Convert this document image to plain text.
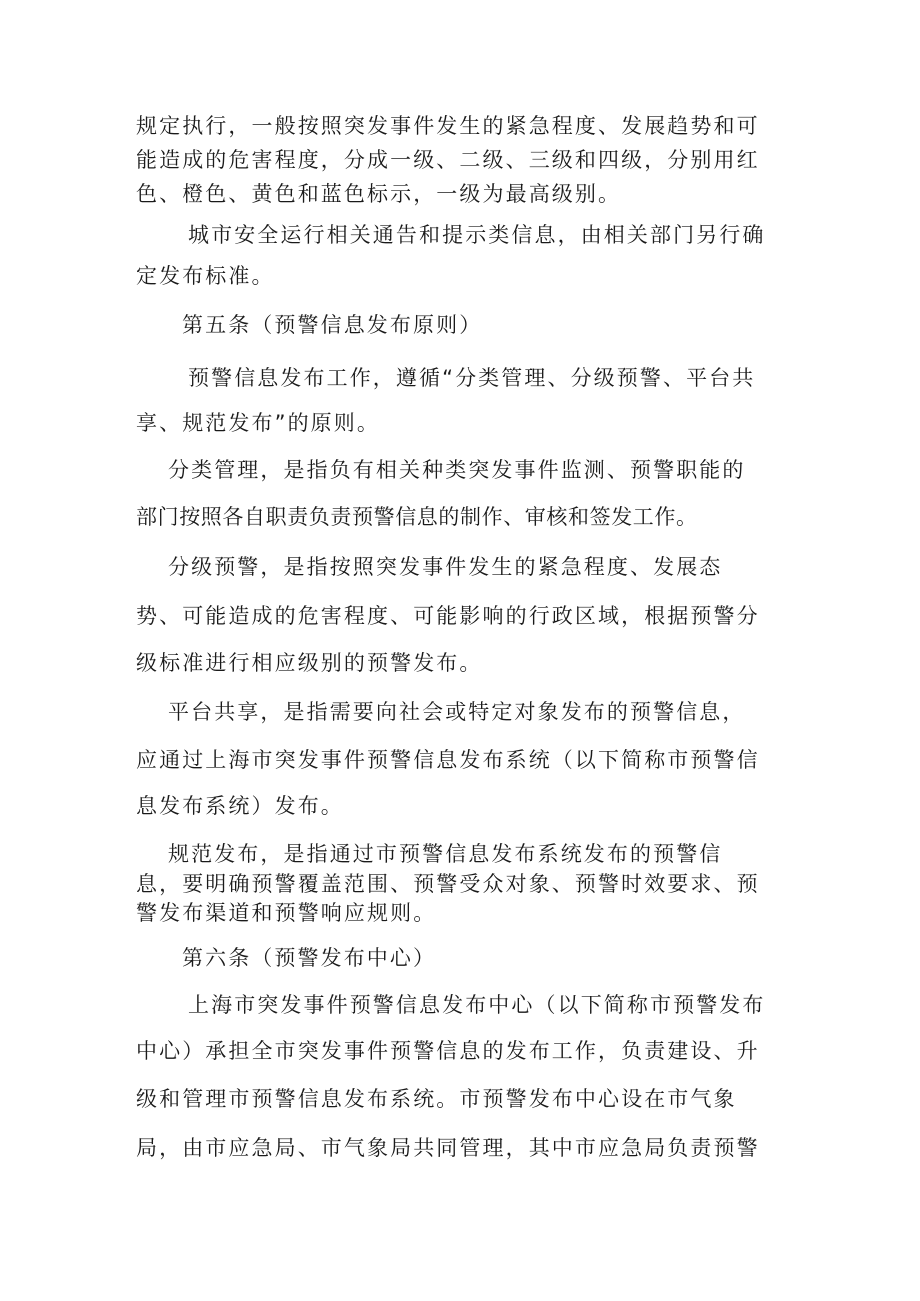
规定执行，一般按照突发事件发生的紧急程度、发展趋势和可

能造成的危害程度，分成一级、二级、三级和四级，分别用红

色、橙色、黄色和蓝色标示，一级为最高级别。

城市安全运行相关通告和提示类信息，由相关部门另行确

定发布标准。

第五条（预警信息发布原则）

预警信息发布工作，遵循“分类管理、分级预警、平台共

享、规范发布”的原则。

分类管理，是指负有相关种类突发事件监测、预警职能的

部门按照各自职责负责预警信息的制作、审核和签发工作。

分级预警，是指按照突发事件发生的紧急程度、发展态

势、可能造成的危害程度、可能影响的行政区域，根据预警分

级标准进行相应级别的预警发布。

平台共享，是指需要向社会或特定对象发布的预警信息，

应通过上海市突发事件预警信息发布系统（以下简称市预警信

息发布系统）发布。

规范发布，是指通过市预警信息发布系统发布的预警信

息，要明确预警覆盖范围、预警受众对象、预警时效要求、预

警发布渠道和预警响应规则。

第六条（预警发布中心）

上海市突发事件预警信息发布中心（以下简称市预警发布

中心）承担全市突发事件预警信息的发布工作，负责建设、升

级和管理市预警信息发布系统。市预警发布中心设在市气象

局，由市应急局、市气象局共同管理，其中市应急局负责预警
